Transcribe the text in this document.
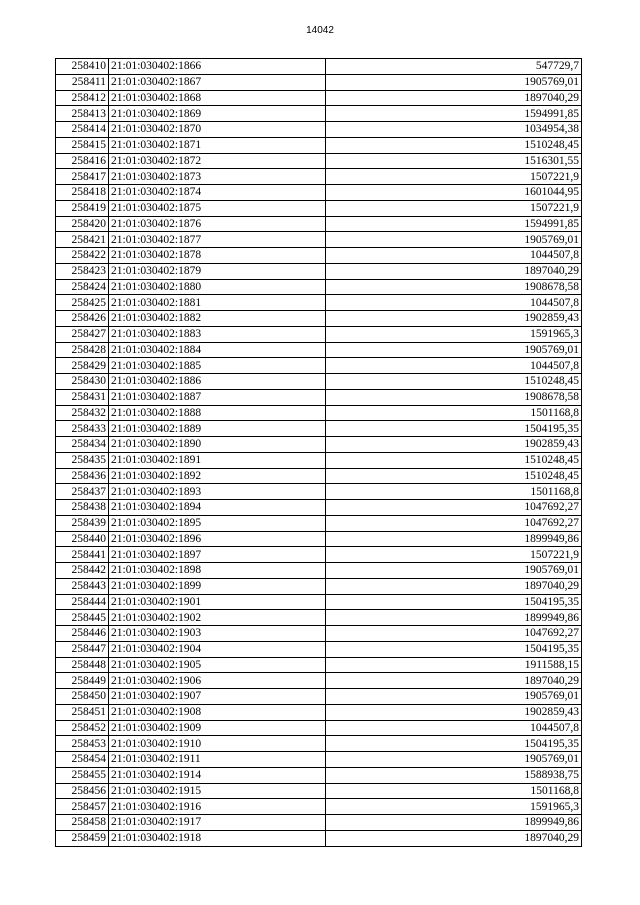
14042
258410	21:01:030402:1866	547729,7
258411	21:01:030402:1867	1905769,01
258412	21:01:030402:1868	1897040,29
258413	21:01:030402:1869	1594991,85
258414	21:01:030402:1870	1034954,38
258415	21:01:030402:1871	1510248,45
258416	21:01:030402:1872	1516301,55
258417	21:01:030402:1873	1507221,9
258418	21:01:030402:1874	1601044,95
258419	21:01:030402:1875	1507221,9
258420	21:01:030402:1876	1594991,85
258421	21:01:030402:1877	1905769,01
258422	21:01:030402:1878	1044507,8
258423	21:01:030402:1879	1897040,29
258424	21:01:030402:1880	1908678,58
258425	21:01:030402:1881	1044507,8
258426	21:01:030402:1882	1902859,43
258427	21:01:030402:1883	1591965,3
258428	21:01:030402:1884	1905769,01
258429	21:01:030402:1885	1044507,8
258430	21:01:030402:1886	1510248,45
258431	21:01:030402:1887	1908678,58
258432	21:01:030402:1888	1501168,8
258433	21:01:030402:1889	1504195,35
258434	21:01:030402:1890	1902859,43
258435	21:01:030402:1891	1510248,45
258436	21:01:030402:1892	1510248,45
258437	21:01:030402:1893	1501168,8
258438	21:01:030402:1894	1047692,27
258439	21:01:030402:1895	1047692,27
258440	21:01:030402:1896	1899949,86
258441	21:01:030402:1897	1507221,9
258442	21:01:030402:1898	1905769,01
258443	21:01:030402:1899	1897040,29
258444	21:01:030402:1901	1504195,35
258445	21:01:030402:1902	1899949,86
258446	21:01:030402:1903	1047692,27
258447	21:01:030402:1904	1504195,35
258448	21:01:030402:1905	1911588,15
258449	21:01:030402:1906	1897040,29
258450	21:01:030402:1907	1905769,01
258451	21:01:030402:1908	1902859,43
258452	21:01:030402:1909	1044507,8
258453	21:01:030402:1910	1504195,35
258454	21:01:030402:1911	1905769,01
258455	21:01:030402:1914	1588938,75
258456	21:01:030402:1915	1501168,8
258457	21:01:030402:1916	1591965,3
258458	21:01:030402:1917	1899949,86
258459	21:01:030402:1918	1897040,29
